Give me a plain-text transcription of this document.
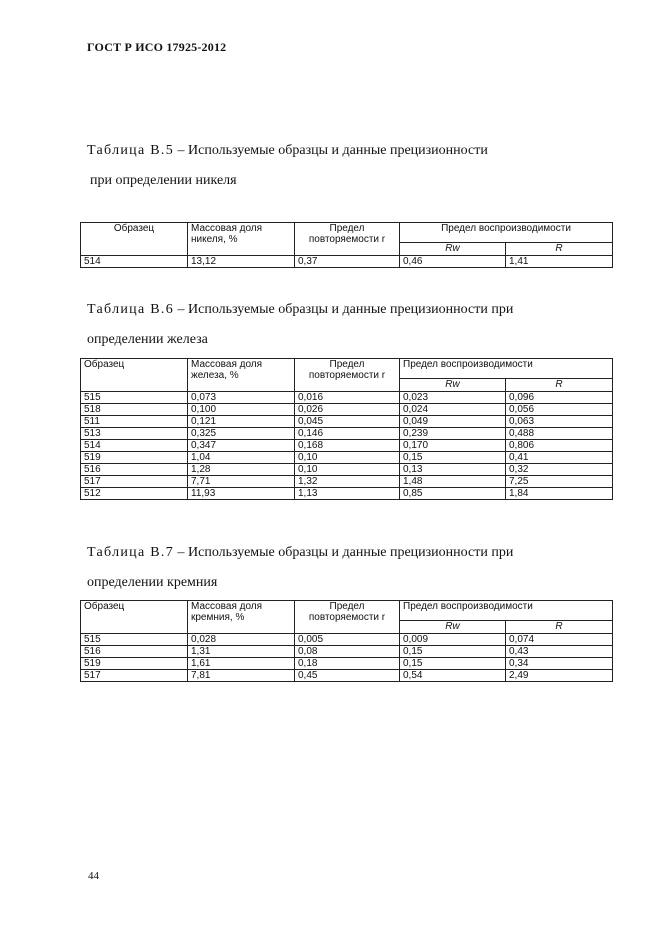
ГОСТ Р ИСО 17925-2012
Таблица В.5 – Используемые образцы и данные прецизионности
при определении никеля
Образец	Массовая доля никеля, %	Предел повторяемости r	Предел воспроизводимости	
			Rw	R
514	13,12	0,37	0,46	1,41
Таблица В.6 – Используемые образцы и данные прецизионности при
определении железа
Образец	Массовая доля железа, %	Предел повторяемости r	Предел воспроизводимости	
			Rw	R
515	0,073	0,016	0,023	0,096
518	0,100	0,026	0,024	0,056
511	0,121	0,045	0,049	0,063
513	0,325	0,146	0,239	0,488
514	0,347	0,168	0,170	0,806
519	1,04	0,10	0,15	0,41
516	1,28	0,10	0,13	0,32
517	7,71	1,32	1,48	7,25
512	11,93	1,13	0,85	1,84
Таблица В.7 – Используемые образцы и данные прецизионности при
определении кремния
Образец	Массовая доля кремния, %	Предел повторяемости r	Предел воспроизводимости	
			Rw	R
515	0,028	0,005	0,009	0,074
516	1,31	0,08	0,15	0,43
519	1,61	0,18	0,15	0,34
517	7,81	0,45	0,54	2,49
44
